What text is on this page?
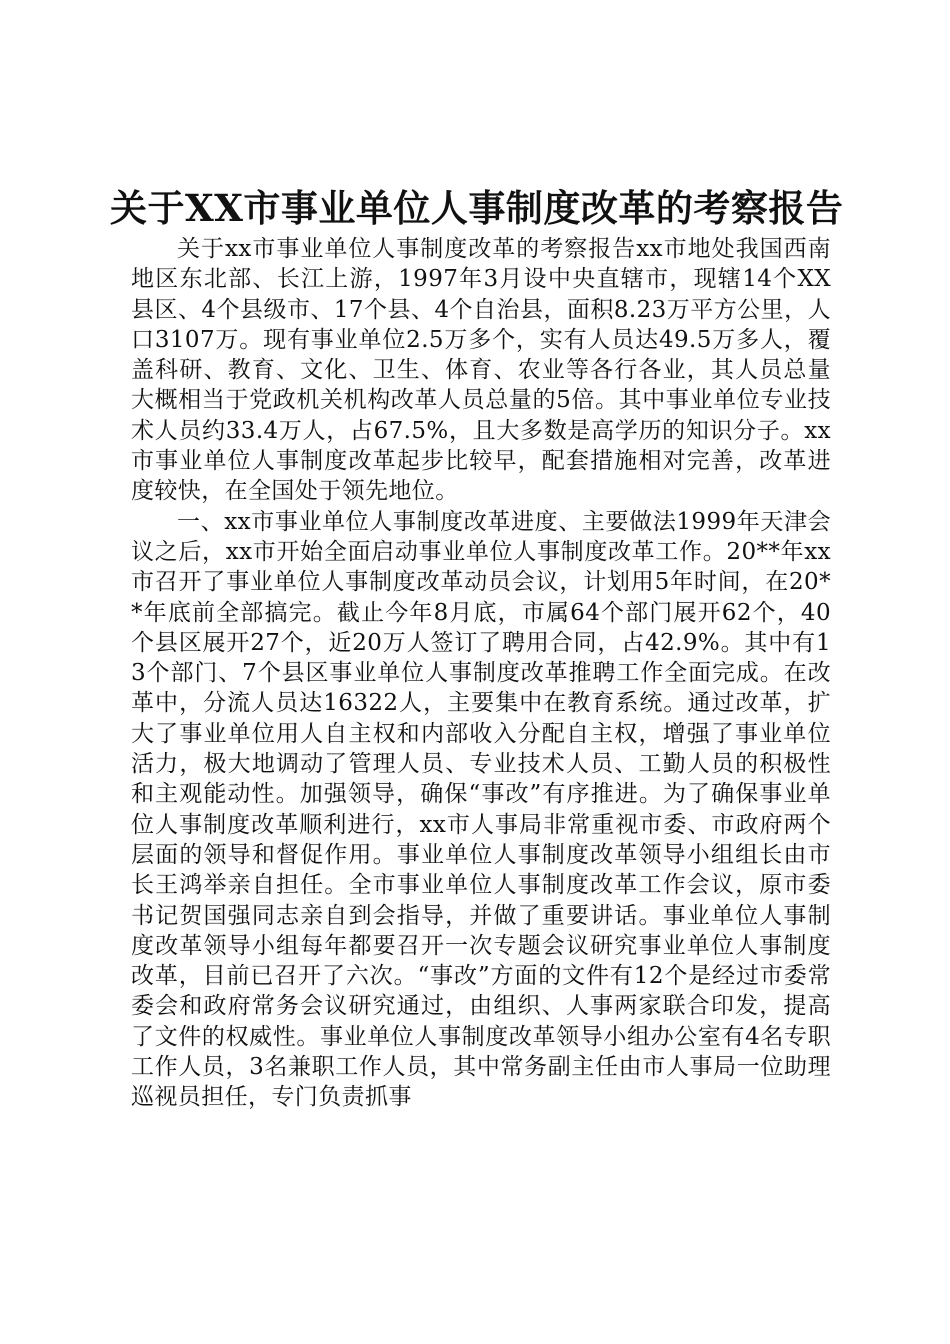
关于XX市事业单位人事制度改革的考察报告

关于xx市事业单位人事制度改革的考察报告xx市地处我国西南地区东北部、长江上游，1997年3月设中央直辖市，现辖14个XX县区、4个县级市、17个县、4个自治县，面积8.23万平方公里，人口3107万。现有事业单位2.5万多个，实有人员达49.5万多人，覆盖科研、教育、文化、卫生、体育、农业等各行各业，其人员总量大概相当于党政机关机构改革人员总量的5倍。其中事业单位专业技术人员约33.4万人，占67.5%，且大多数是高学历的知识分子。xx市事业单位人事制度改革起步比较早，配套措施相对完善，改革进度较快，在全国处于领先地位。

一、xx市事业单位人事制度改革进度、主要做法1999年天津会议之后，xx市开始全面启动事业单位人事制度改革工作。20**年xx市召开了事业单位人事制度改革动员会议，计划用5年时间，在20**年底前全部搞完。截止今年8月底，市属64个部门展开62个，40个县区展开27个，近20万人签订了聘用合同，占42.9%。其中有13个部门、7个县区事业单位人事制度改革推聘工作全面完成。在改革中，分流人员达16322人，主要集中在教育系统。通过改革，扩大了事业单位用人自主权和内部收入分配自主权，增强了事业单位活力，极大地调动了管理人员、专业技术人员、工勤人员的积极性和主观能动性。加强领导，确保“事改”有序推进。为了确保事业单位人事制度改革顺利进行，xx市人事局非常重视市委、市政府两个层面的领导和督促作用。事业单位人事制度改革领导小组组长由市长王鸿举亲自担任。全市事业单位人事制度改革工作会议，原市委书记贺国强同志亲自到会指导，并做了重要讲话。事业单位人事制度改革领导小组每年都要召开一次专题会议研究事业单位人事制度改革，目前已召开了六次。“事改”方面的文件有12个是经过市委常委会和政府常务会议研究通过，由组织、人事两家联合印发，提高了文件的权威性。事业单位人事制度改革领导小组办公室有4名专职工作人员，3名兼职工作人员，其中常务副主任由市人事局一位助理巡视员担任，专门负责抓事
